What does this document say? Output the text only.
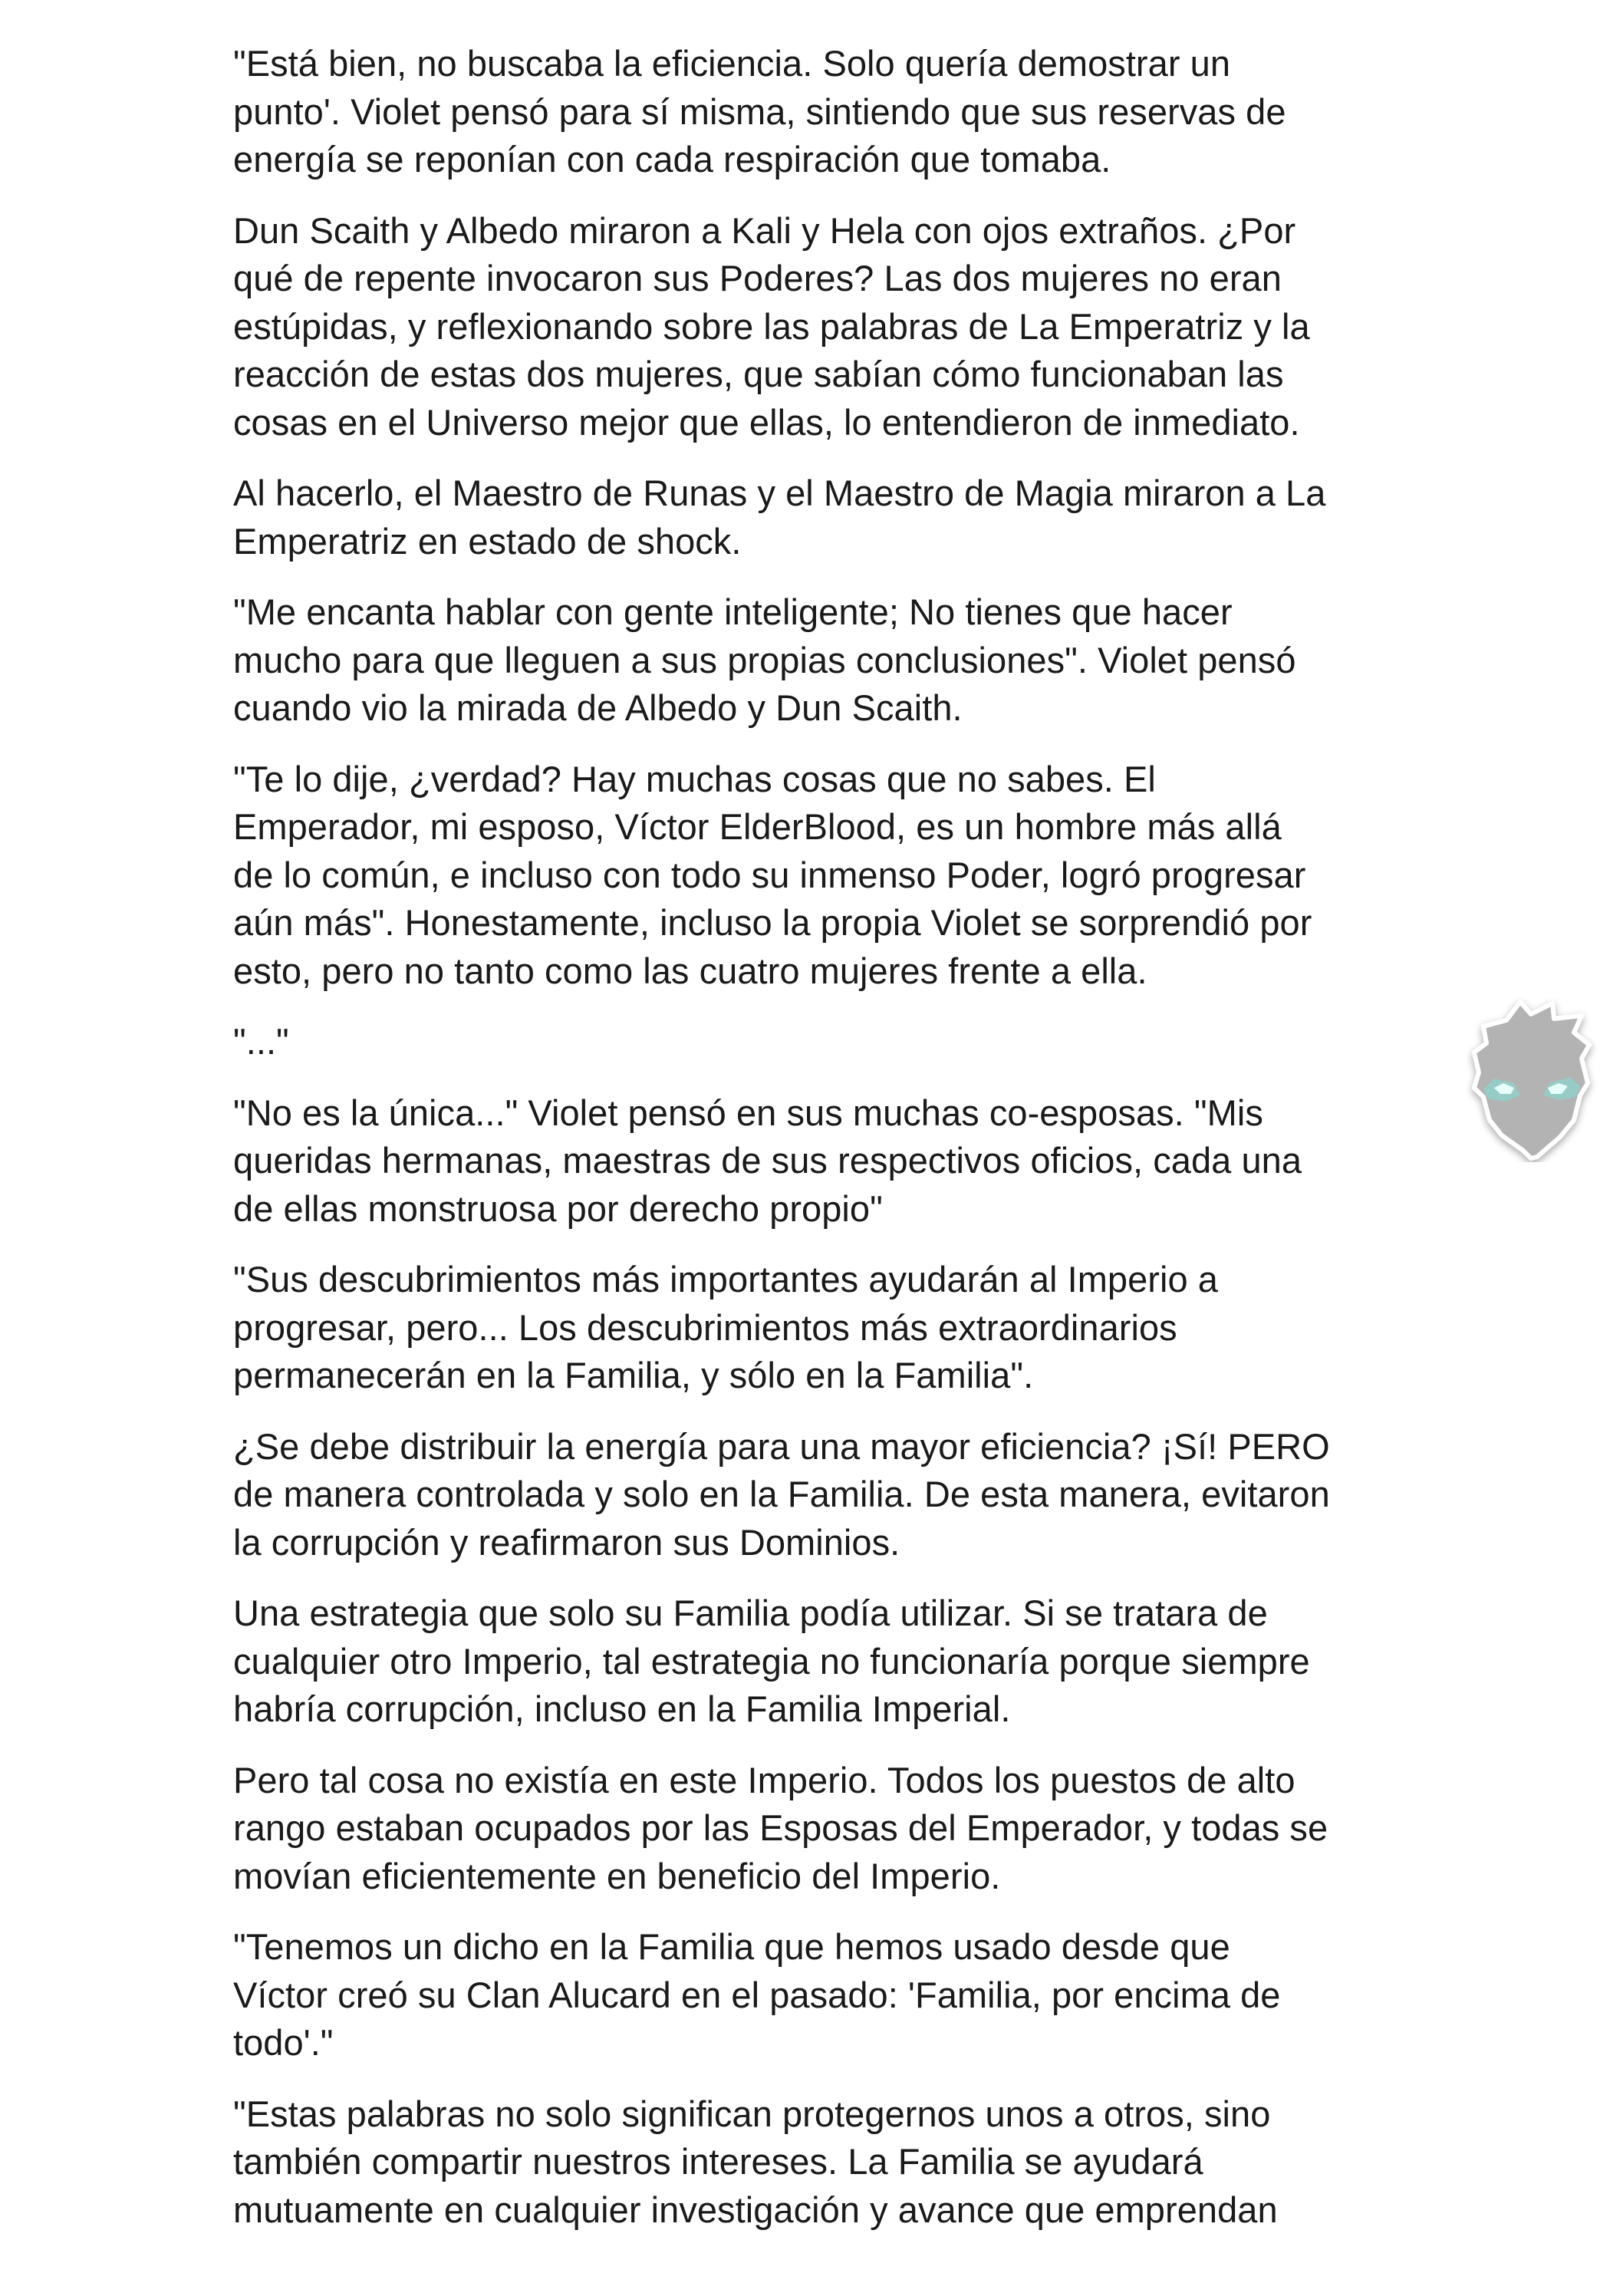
"Está bien, no buscaba la eficiencia. Solo quería demostrar un
punto'. Violet pensó para sí misma, sintiendo que sus reservas de
energía se reponían con cada respiración que tomaba.

Dun Scaith y Albedo miraron a Kali y Hela con ojos extraños. ¿Por
qué de repente invocaron sus Poderes? Las dos mujeres no eran
estúpidas, y reflexionando sobre las palabras de La Emperatriz y la
reacción de estas dos mujeres, que sabían cómo funcionaban las
cosas en el Universo mejor que ellas, lo entendieron de inmediato.

Al hacerlo, el Maestro de Runas y el Maestro de Magia miraron a La
Emperatriz en estado de shock.

"Me encanta hablar con gente inteligente; No tienes que hacer
mucho para que lleguen a sus propias conclusiones". Violet pensó
cuando vio la mirada de Albedo y Dun Scaith.

"Te lo dije, ¿verdad? Hay muchas cosas que no sabes. El
Emperador, mi esposo, Víctor ElderBlood, es un hombre más allá
de lo común, e incluso con todo su inmenso Poder, logró progresar
aún más". Honestamente, incluso la propia Violet se sorprendió por
esto, pero no tanto como las cuatro mujeres frente a ella.

"..."

"No es la única..." Violet pensó en sus muchas co-esposas. "Mis
queridas hermanas, maestras de sus respectivos oficios, cada una
de ellas monstruosa por derecho propio"

"Sus descubrimientos más importantes ayudarán al Imperio a
progresar, pero... Los descubrimientos más extraordinarios
permanecerán en la Familia, y sólo en la Familia".

¿Se debe distribuir la energía para una mayor eficiencia? ¡Sí! PERO
de manera controlada y solo en la Familia. De esta manera, evitaron
la corrupción y reafirmaron sus Dominios.

Una estrategia que solo su Familia podía utilizar. Si se tratara de
cualquier otro Imperio, tal estrategia no funcionaría porque siempre
habría corrupción, incluso en la Familia Imperial.

Pero tal cosa no existía en este Imperio. Todos los puestos de alto
rango estaban ocupados por las Esposas del Emperador, y todas se
movían eficientemente en beneficio del Imperio.

"Tenemos un dicho en la Familia que hemos usado desde que
Víctor creó su Clan Alucard en el pasado: 'Familia, por encima de
todo'."

"Estas palabras no solo significan protegernos unos a otros, sino
también compartir nuestros intereses. La Familia se ayudará
mutuamente en cualquier investigación y avance que emprendan
